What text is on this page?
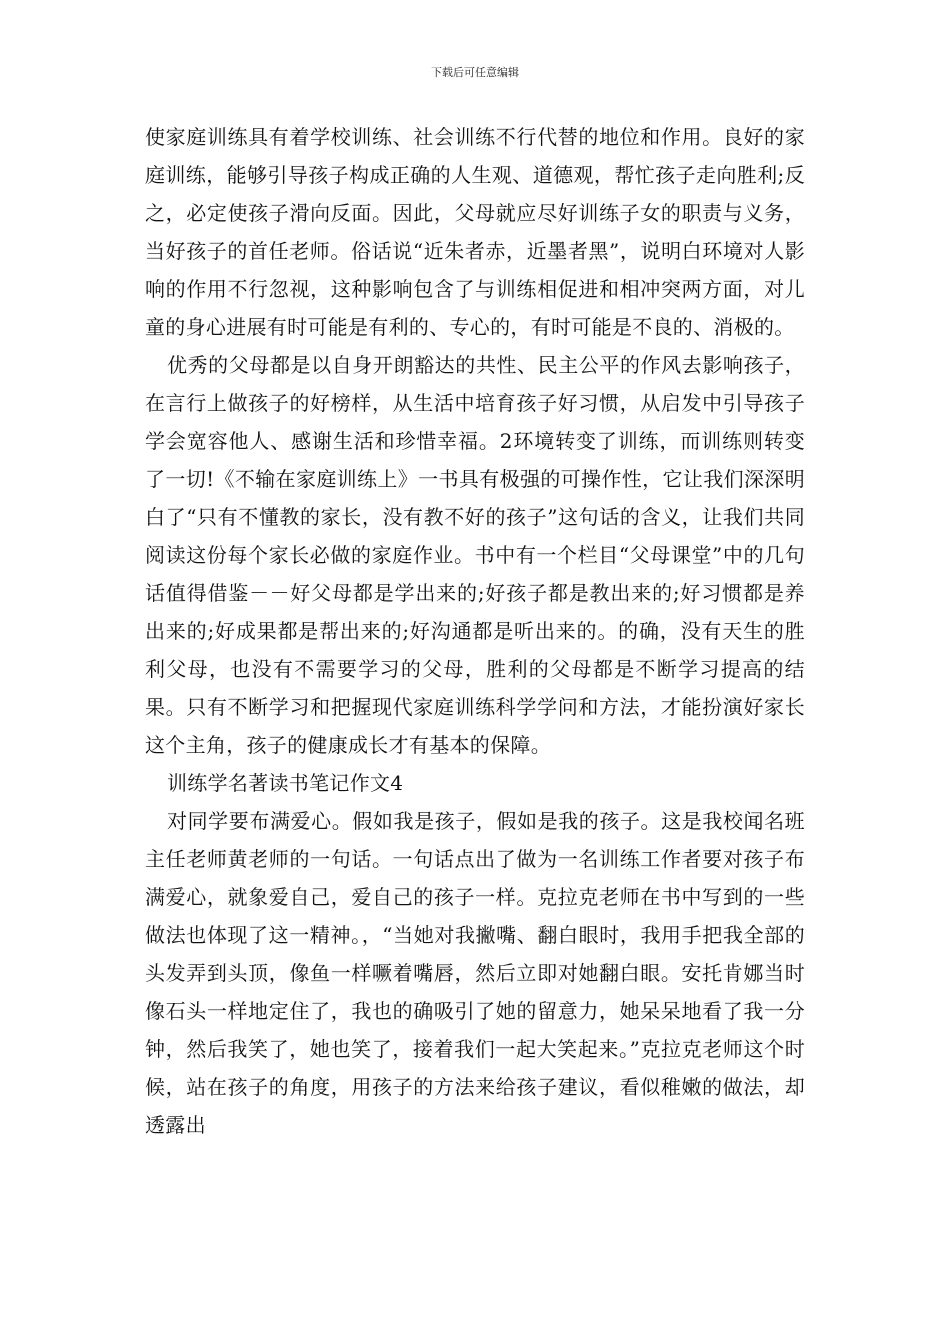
下载后可任意编辑

使家庭训练具有着学校训练、社会训练不行代替的地位和作用。良好的家庭训练，能够引导孩子构成正确的人生观、道德观，帮忙孩子走向胜利;反之，必定使孩子滑向反面。因此，父母就应尽好训练子女的职责与义务，当好孩子的首任老师。俗话说“近朱者赤，近墨者黑”，说明白环境对人影响的作用不行忽视，这种影响包含了与训练相促进和相冲突两方面，对儿童的身心进展有时可能是有利的、专心的，有时可能是不良的、消极的。

优秀的父母都是以自身开朗豁达的共性、民主公平的作风去影响孩子，在言行上做孩子的好榜样，从生活中培育孩子好习惯，从启发中引导孩子学会宽容他人、感谢生活和珍惜幸福。2环境转变了训练，而训练则转变了一切!《不输在家庭训练上》一书具有极强的可操作性，它让我们深深明白了“只有不懂教的家长，没有教不好的孩子”这句话的含义，让我们共同阅读这份每个家长必做的家庭作业。书中有一个栏目“父母课堂”中的几句话值得借鉴－－好父母都是学出来的;好孩子都是教出来的;好习惯都是养出来的;好成果都是帮出来的;好沟通都是听出来的。的确，没有天生的胜利父母，也没有不需要学习的父母，胜利的父母都是不断学习提高的结果。只有不断学习和把握现代家庭训练科学学问和方法，才能扮演好家长这个主角，孩子的健康成长才有基本的保障。

训练学名著读书笔记作文4

对同学要布满爱心。假如我是孩子，假如是我的孩子。这是我校闻名班主任老师黄老师的一句话。一句话点出了做为一名训练工作者要对孩子布满爱心，就象爱自己，爱自己的孩子一样。克拉克老师在书中写到的一些做法也体现了这一精神。，“当她对我撇嘴、翻白眼时，我用手把我全部的头发弄到头顶，像鱼一样噘着嘴唇，然后立即对她翻白眼。安托肯娜当时像石头一样地定住了，我也的确吸引了她的留意力，她呆呆地看了我一分钟，然后我笑了，她也笑了，接着我们一起大笑起来。”克拉克老师这个时候，站在孩子的角度，用孩子的方法来给孩子建议，看似稚嫩的做法，却透露出
